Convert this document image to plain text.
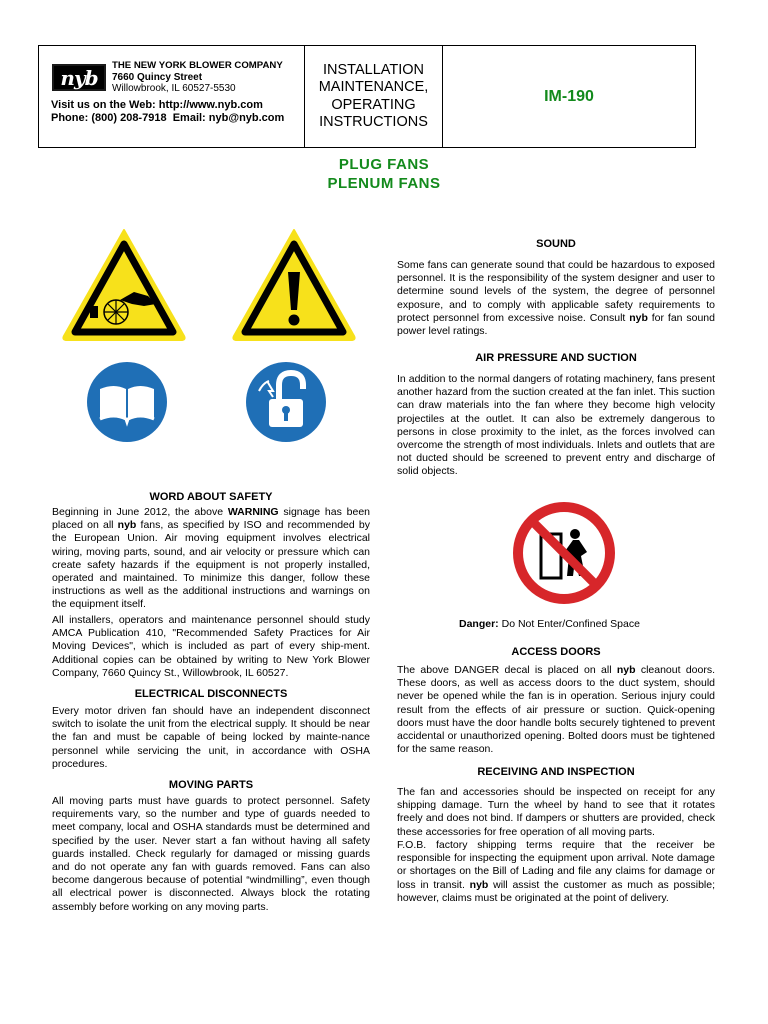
nyb THE NEW YORK BLOWER COMPANY
7660 Quincy Street
Willowbrook, IL 60527-5530
Visit us on the Web: http://www.nyb.com
Phone: (800) 208-7918 Email: nyb@nyb.com
INSTALLATION
MAINTENANCE,
OPERATING
INSTRUCTIONS
IM-190
PLUG FANS
PLENUM FANS

WORD ABOUT SAFETY

Beginning in June 2012, the above WARNING signage has been placed on all nyb fans, as specified by ISO and recommended by the European Union. Air moving equipment involves electrical wiring, moving parts, sound, and air velocity or pressure which can create safety hazards if the equipment is not properly installed, operated and maintained. To minimize this danger, follow these instructions as well as the additional instructions and warnings on the equipment itself.

All installers, operators and maintenance personnel should study AMCA Publication 410, "Recommended Safety Practices for Air Moving Devices", which is included as part of every ship-ment. Additional copies can be obtained by writing to New York Blower Company, 7660 Quincy St., Willowbrook, IL 60527.

ELECTRICAL DISCONNECTS

Every motor driven fan should have an independent disconnect switch to isolate the unit from the electrical supply. It should be near the fan and must be capable of being locked by mainte-nance personnel while servicing the unit, in accordance with OSHA procedures.

MOVING PARTS

All moving parts must have guards to protect personnel. Safety requirements vary, so the number and type of guards needed to meet company, local and OSHA standards must be determined and specified by the user. Never start a fan without having all safety guards installed. Check regularly for damaged or missing guards and do not operate any fan with guards removed. Fans can also become dangerous because of potential “windmilling”, even though all electrical power is disconnected. Always block the rotating assembly before working on any moving parts.

SOUND

Some fans can generate sound that could be hazardous to exposed personnel. It is the responsibility of the system designer and user to determine sound levels of the system, the degree of personnel exposure, and to comply with applicable safety requirements to protect personnel from excessive noise. Consult nyb for fan sound power level ratings.

AIR PRESSURE AND SUCTION

In addition to the normal dangers of rotating machinery, fans present another hazard from the suction created at the fan inlet. This suction can draw materials into the fan where they become high velocity projectiles at the outlet. It can also be extremely dangerous to persons in close proximity to the inlet, as the forces involved can overcome the strength of most individuals. Inlets and outlets that are not ducted should be screened to prevent entry and discharge of solid objects.

Danger: Do Not Enter/Confined Space
ACCESS DOORS

The above DANGER decal is placed on all nyb cleanout doors. These doors, as well as access doors to the duct system, should never be opened while the fan is in operation. Serious injury could result from the effects of air pressure or suction. Quick-opening doors must have the door handle bolts securely tightened to prevent accidental or unauthorized opening. Bolted doors must be tightened for the same reason.

RECEIVING AND INSPECTION

The fan and accessories should be inspected on receipt for any shipping damage. Turn the wheel by hand to see that it rotates freely and does not bind. If dampers or shutters are provided, check these accessories for free operation of all moving parts.

F.O.B. factory shipping terms require that the receiver be responsible for inspecting the equipment upon arrival. Note damage or shortages on the Bill of Lading and file any claims for damage or loss in transit. nyb will assist the customer as much as possible; however, claims must be originated at the point of delivery.
